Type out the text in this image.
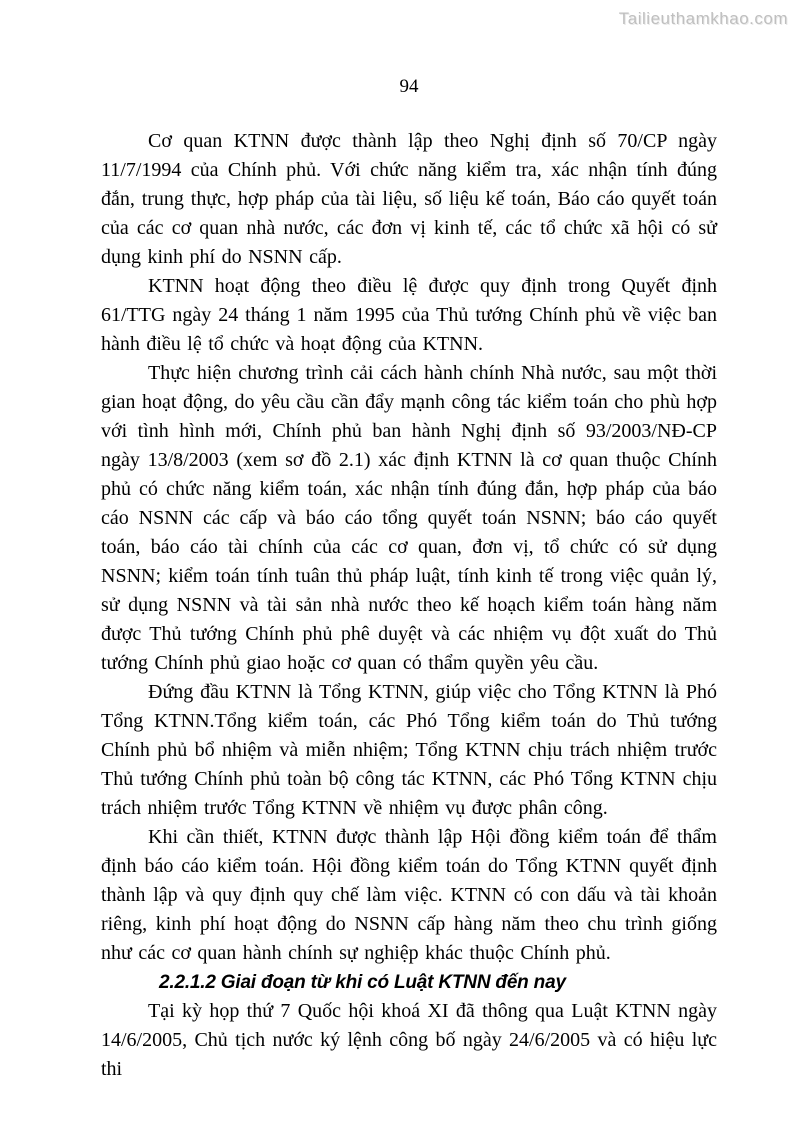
Tailieuthamkhao.com
94

Cơ quan KTNN được thành lập theo Nghị định số 70/CP ngày 11/7/1994 của Chính phủ. Với chức năng kiểm tra, xác nhận tính đúng đắn, trung thực, hợp pháp của tài liệu, số liệu kế toán, Báo cáo quyết toán của các cơ quan nhà nước, các đơn vị kinh tế, các tổ chức xã hội có sử dụng kinh phí do NSNN cấp.

KTNN hoạt động theo điều lệ được quy định trong Quyết định 61/TTG ngày 24 tháng 1 năm 1995 của Thủ tướng Chính phủ về việc ban hành điều lệ tổ chức và hoạt động của KTNN.

Thực hiện chương trình cải cách hành chính Nhà nước, sau một thời gian hoạt động, do yêu cầu cần đẩy mạnh công tác kiểm toán cho phù hợp với tình hình mới, Chính phủ ban hành Nghị định số 93/2003/NĐ-CP ngày 13/8/2003 (xem sơ đồ 2.1) xác định KTNN là cơ quan thuộc Chính phủ có chức năng kiểm toán, xác nhận tính đúng đắn, hợp pháp của báo cáo NSNN các cấp và báo cáo tổng quyết toán NSNN; báo cáo quyết toán, báo cáo tài chính của các cơ quan, đơn vị, tổ chức có sử dụng NSNN; kiểm toán tính tuân thủ pháp luật, tính kinh tế trong việc quản lý, sử dụng NSNN và tài sản nhà nước theo kế hoạch kiểm toán hàng năm được Thủ tướng Chính phủ phê duyệt và các nhiệm vụ đột xuất do Thủ tướng Chính phủ giao hoặc cơ quan có thẩm quyền yêu cầu.

Đứng đầu KTNN là Tổng KTNN, giúp việc cho Tổng KTNN là Phó Tổng KTNN.Tổng kiểm toán, các Phó Tổng kiểm toán do Thủ tướng Chính phủ bổ nhiệm và miễn nhiệm; Tổng KTNN chịu trách nhiệm trước Thủ tướng Chính phủ toàn bộ công tác KTNN, các Phó Tổng KTNN chịu trách nhiệm trước Tổng KTNN về nhiệm vụ được phân công.

Khi cần thiết, KTNN được thành lập Hội đồng kiểm toán để thẩm định báo cáo kiểm toán. Hội đồng kiểm toán do Tổng KTNN quyết định thành lập và quy định quy chế làm việc. KTNN có con dấu và tài khoản riêng, kinh phí hoạt động do NSNN cấp hàng năm theo chu trình giống như các cơ quan hành chính sự nghiệp khác thuộc Chính phủ.

2.2.1.2 Giai đoạn từ khi có Luật KTNN đến nay

Tại kỳ họp thứ 7 Quốc hội khoá XI đã thông qua Luật KTNN ngày 14/6/2005, Chủ tịch nước ký lệnh công bố ngày 24/6/2005 và có hiệu lực thi
